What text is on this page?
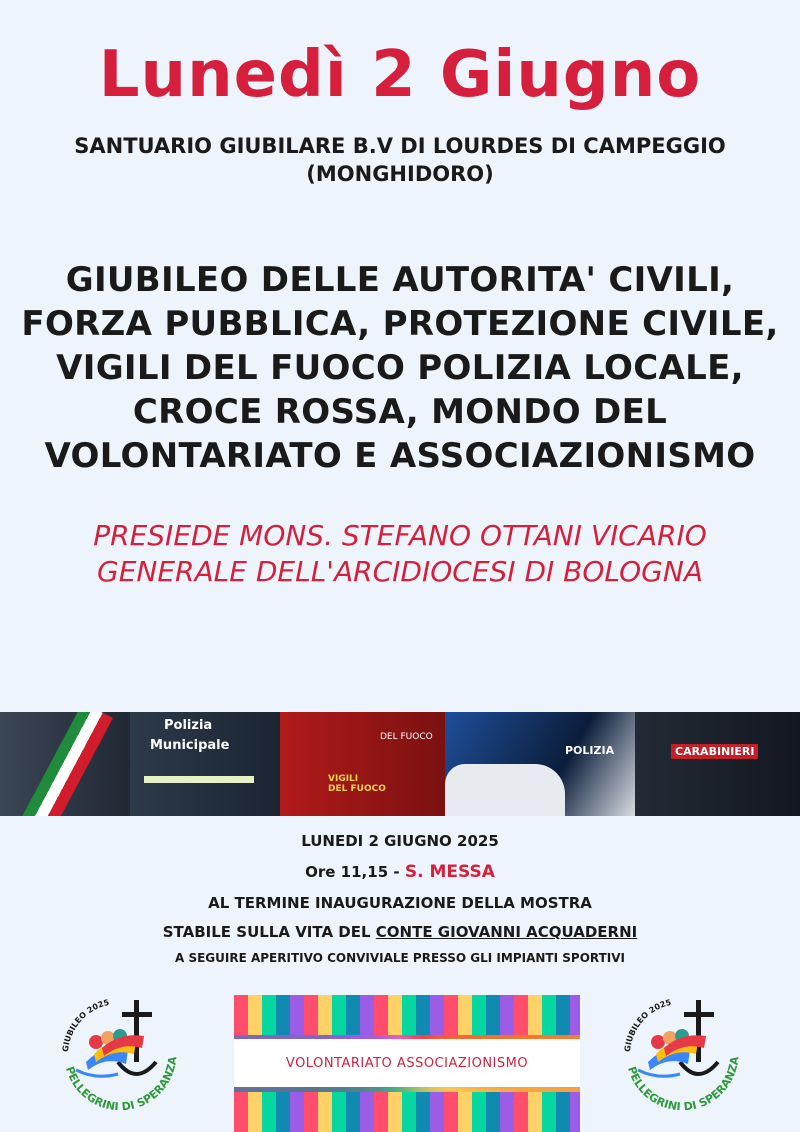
Lunedì 2 Giugno
SANTUARIO GIUBILARE B.V DI LOURDES DI CAMPEGGIO
(MONGHIDORO)
GIUBILEO DELLE AUTORITA' CIVILI,
FORZA PUBBLICA, PROTEZIONE CIVILE,
VIGILI DEL FUOCO POLIZIA LOCALE,
CROCE ROSSA, MONDO DEL
VOLONTARIATO E ASSOCIAZIONISMO
PRESIEDE MONS. STEFANO OTTANI VICARIO
GENERALE DELL'ARCIDIOCESI DI BOLOGNA
Polizia
Municipale
DEL FUOCO
VIGILI
DEL FUOCO
POLIZIA	CARABINIERI
LUNEDI 2 GIUGNO 2025
Ore 11,15 - S. MESSA
AL TERMINE INAUGURAZIONE DELLA MOSTRA
STABILE SULLA VITA DEL CONTE GIOVANNI ACQUADERNI
A SEGUIRE APERITIVO CONVIVIALE PRESSO GLI IMPIANTI SPORTIVI
GIUBILEO 2025
PELLEGRINI DI SPERANZA	VOLONTARIATO ASSOCIAZIONISMO
GIUBILEO 2025
PELLEGRINI DI SPERANZA
